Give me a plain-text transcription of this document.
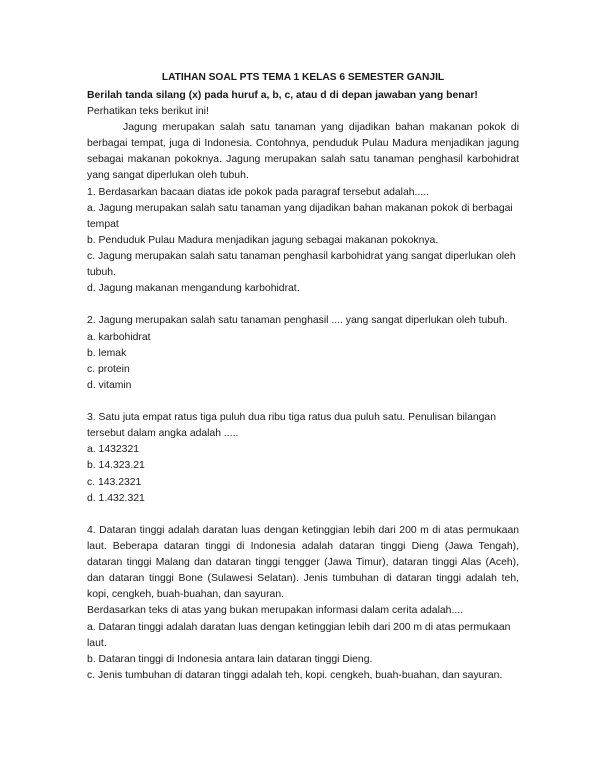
LATIHAN SOAL PTS TEMA 1 KELAS 6 SEMESTER GANJIL

Berilah tanda silang (x) pada huruf a, b, c, atau d di depan jawaban yang benar!

Perhatikan teks berikut ini!

Jagung merupakan salah satu tanaman yang dijadikan bahan makanan pokok di berbagai tempat, juga di Indonesia. Contohnya, penduduk Pulau Madura menjadikan jagung sebagai makanan pokoknya. Jagung merupakan salah satu tanaman penghasil karbohidrat yang sangat diperlukan oleh tubuh.

1. Berdasarkan bacaan diatas ide pokok pada paragraf tersebut adalah.....

a. Jagung merupakan salah satu tanaman yang dijadikan bahan makanan pokok di berbagai tempat

b. Penduduk Pulau Madura menjadikan jagung sebagai makanan pokoknya.

c. Jagung merupakan salah satu tanaman penghasil karbohidrat yang sangat diperlukan oleh tubuh.

d. Jagung makanan mengandung karbohidrat.

2. Jagung merupakan salah satu tanaman penghasil .... yang sangat diperlukan oleh tubuh.

a. karbohidrat

b. lemak

c. protein

d. vitamin

3. Satu juta empat ratus tiga puluh dua ribu tiga ratus dua puluh satu. Penulisan bilangan tersebut dalam angka adalah .....

a. 1432321

b. 14.323.21

c. 143.2321

d. 1.432.321

4. Dataran tinggi adalah daratan luas dengan ketinggian lebih dari 200 m di atas permukaan laut. Beberapa dataran tinggi di Indonesia adalah dataran tinggi Dieng (Jawa Tengah), dataran tinggi Malang dan dataran tinggi tengger (Jawa Timur), dataran tinggi Alas (Aceh), dan dataran tinggi Bone (Sulawesi Selatan). Jenis tumbuhan di dataran tinggi adalah teh, kopi, cengkeh, buah-buahan, dan sayuran.

Berdasarkan teks di atas yang bukan merupakan informasi dalam cerita adalah....

a. Dataran tinggi adalah daratan luas dengan ketinggian lebih dari 200 m di atas permukaan laut.

b. Dataran tinggi di Indonesia antara lain dataran tinggi Dieng.

c. Jenis tumbuhan di dataran tinggi adalah teh, kopi. cengkeh, buah-buahan, dan sayuran.
